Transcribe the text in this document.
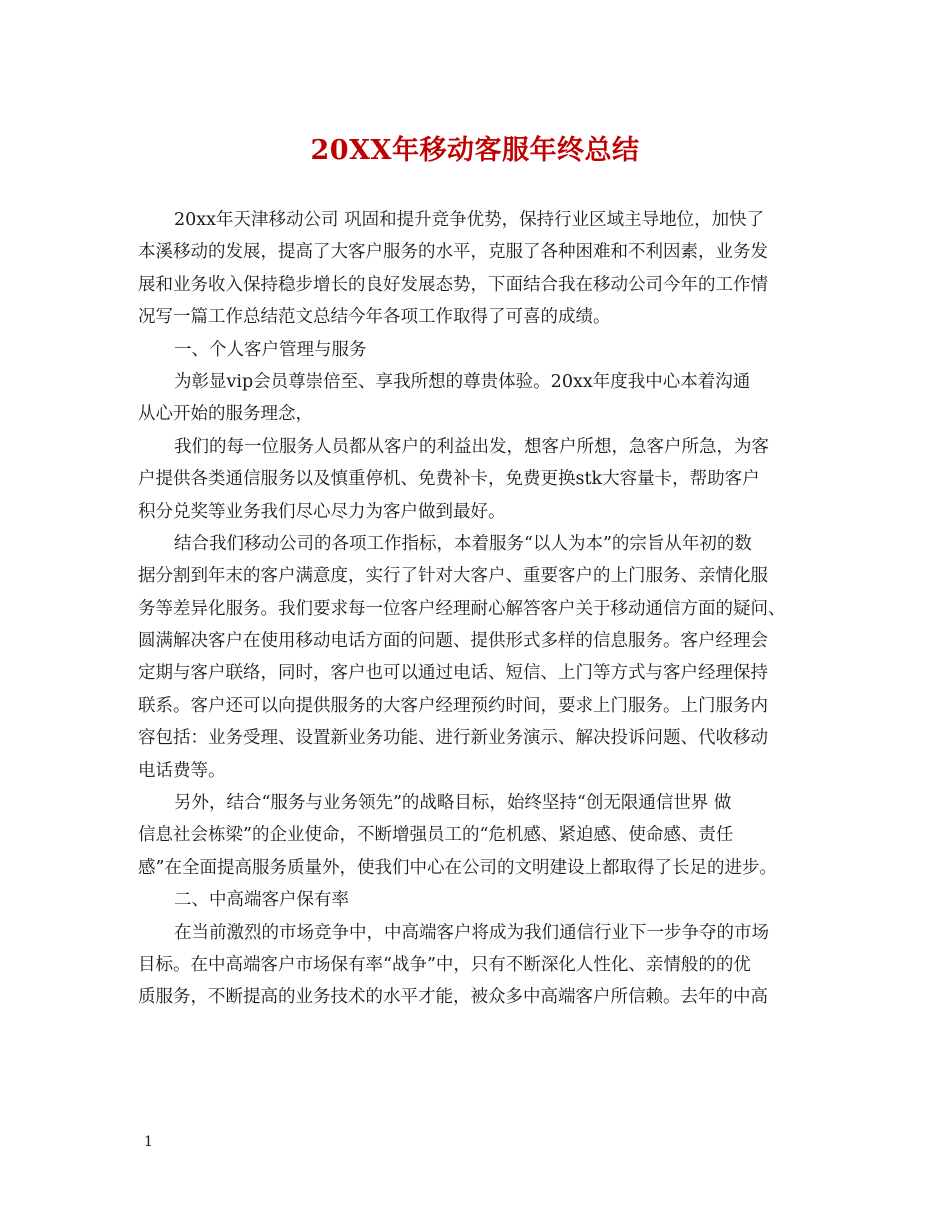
20XX年移动客服年终总结
20xx年天津移动公司 巩固和提升竞争优势，保持行业区域主导地位，加快了
本溪移动的发展，提高了大客户服务的水平，克服了各种困难和不利因素，业务发
展和业务收入保持稳步增长的良好发展态势，下面结合我在移动公司今年的工作情
况写一篇工作总结范文总结今年各项工作取得了可喜的成绩。
一、个人客户管理与服务
为彰显vip会员尊崇倍至、享我所想的尊贵体验。20xx年度我中心本着沟通
从心开始的服务理念，
我们的每一位服务人员都从客户的利益出发，想客户所想，急客户所急，为客
户提供各类通信服务以及慎重停机、免费补卡，免费更换stk大容量卡，帮助客户
积分兑奖等业务我们尽心尽力为客户做到最好。
结合我们移动公司的各项工作指标，本着服务“以人为本”的宗旨从年初的数
据分割到年末的客户满意度，实行了针对大客户、重要客户的上门服务、亲情化服
务等差异化服务。我们要求每一位客户经理耐心解答客户关于移动通信方面的疑问、
圆满解决客户在使用移动电话方面的问题、提供形式多样的信息服务。客户经理会
定期与客户联络，同时，客户也可以通过电话、短信、上门等方式与客户经理保持
联系。客户还可以向提供服务的大客户经理预约时间，要求上门服务。上门服务内
容包括：业务受理、设置新业务功能、进行新业务演示、解决投诉问题、代收移动
电话费等。
另外，结合“服务与业务领先”的战略目标，始终坚持“创无限通信世界 做
信息社会栋梁”的企业使命，不断增强员工的“危机感、紧迫感、使命感、责任
感”在全面提高服务质量外，使我们中心在公司的文明建设上都取得了长足的进步。
二、中高端客户保有率
在当前激烈的市场竞争中，中高端客户将成为我们通信行业下一步争夺的市场
目标。在中高端客户市场保有率“战争”中，只有不断深化人性化、亲情般的的优
质服务，不断提高的业务技术的水平才能，被众多中高端客户所信赖。去年的中高
1
